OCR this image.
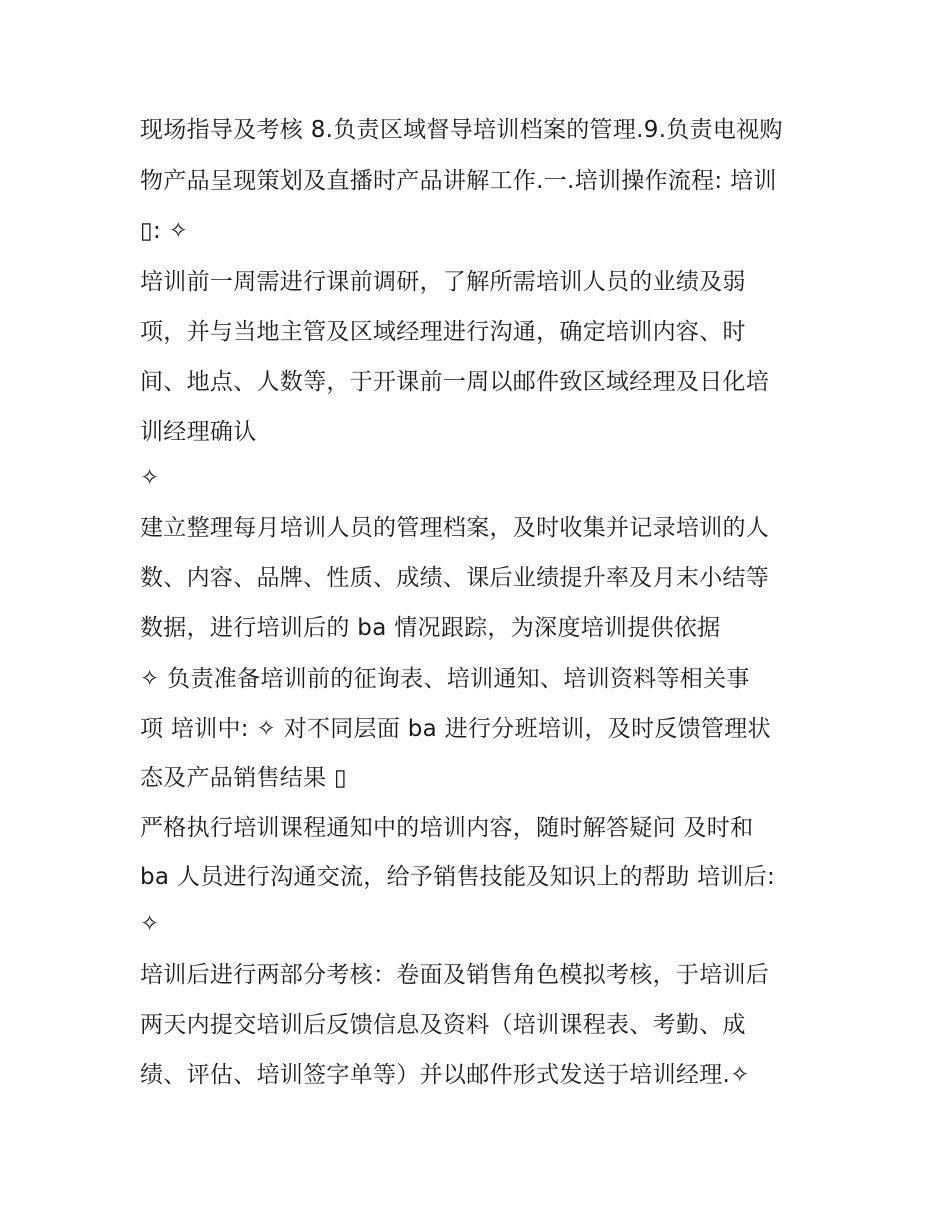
现场指导及考核 8.负责区域督导培训档案的管理.9.负责电视购
物产品呈现策划及直播时产品讲解工作.一.培训操作流程: 培训
▯: ✧
培训前一周需进行课前调研，了解所需培训人员的业绩及弱
项，并与当地主管及区域经理进行沟通，确定培训内容、时
间、地点、人数等，于开课前一周以邮件致区域经理及日化培
训经理确认
✧
建立整理每月培训人员的管理档案，及时收集并记录培训的人
数、内容、品牌、性质、成绩、课后业绩提升率及月末小结等
数据，进行培训后的 ba 情况跟踪，为深度培训提供依据
✧ 负责准备培训前的征询表、培训通知、培训资料等相关事
项 培训中: ✧ 对不同层面 ba 进行分班培训，及时反馈管理状
态及产品销售结果 ▯
严格执行培训课程通知中的培训内容，随时解答疑问 及时和
ba 人员进行沟通交流，给予销售技能及知识上的帮助 培训后:
✧
培训后进行两部分考核：卷面及销售角色模拟考核，于培训后
两天内提交培训后反馈信息及资料（培训课程表、考勤、成
绩、评估、培训签字单等）并以邮件形式发送于培训经理.✧
